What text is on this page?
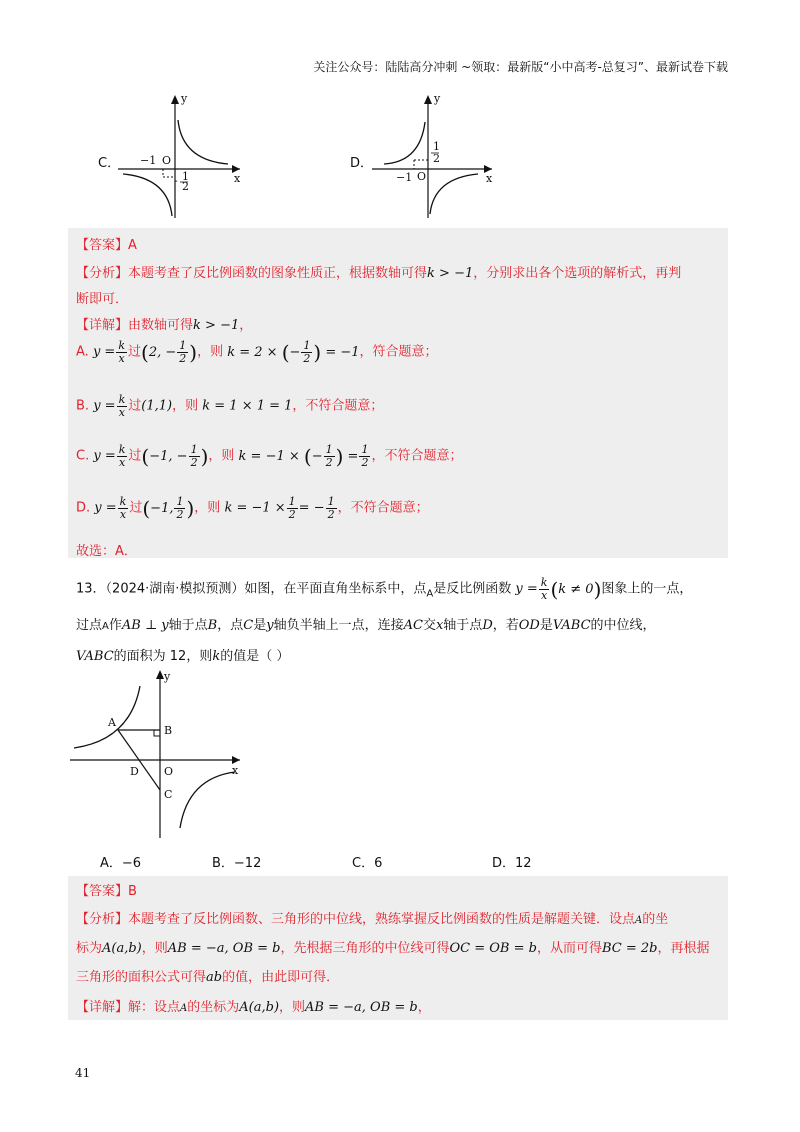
关注公众号：陆陆高分冲刺 ~领取：最新版“小中高考-总复习”、最新试卷下载
C．
y
x
O
−1
- 1
2
D．
y
x
O
−1
1
2
【答案】A
【分析】本题考查了反比例函数的图象性质正，根据数轴可得k > −1，分别求出各个选项的解析式，再判
断即可．
【详解】由数轴可得k > −1，
A. $y = \frac{k}{x}$ 过(2, − $\frac{1}{2}$ )，则 k = 2 × (− $\frac{1}{2}$ ) = −1，符合题意；
B. $y = \frac{k}{x}$ 过(1,1)，则 k = 1 × 1 = 1，不符合题意；
C. $y = \frac{k}{x}$ 过(−1, − $\frac{1}{2}$ )，则 k = −1 × (− $\frac{1}{2}$ ) = $\frac{1}{2}$ ，不符合题意；
D. $y = \frac{k}{x}$ 过(−1, $\frac{1}{2}$ )，则 $k = -1 \times \frac{1}{2}$ = − $\frac{1}{2}$ ，不符合题意；
故选：A．
13．（2024·湖南·模拟预测）如图，在平面直角坐标系中，点$_A$是反比例函数 $y = \frac{k}{x} (k \ne 0)$图象上的一点，
过点A作AB ⊥ y轴于点B，点C是y轴负半轴上一点，连接AC交x轴于点D，若OD是VABC的中位线，
VABC的面积为 12，则k的值是（ ）
y
x
A
B
D O
C
A．−6	B．−12	C．6	D．12
【答案】B
【分析】本题考查了反比例函数、三角形的中位线，熟练掌握反比例函数的性质是解题关键．设点A的坐
标为A(a,b)，则AB = −a, OB = b，先根据三角形的中位线可得OC = OB = b，从而可得BC = 2b，再根据
三角形的面积公式可得ab的值，由此即可得．
【详解】解：设点A的坐标为A(a,b)，则AB = −a, OB = b，
41
